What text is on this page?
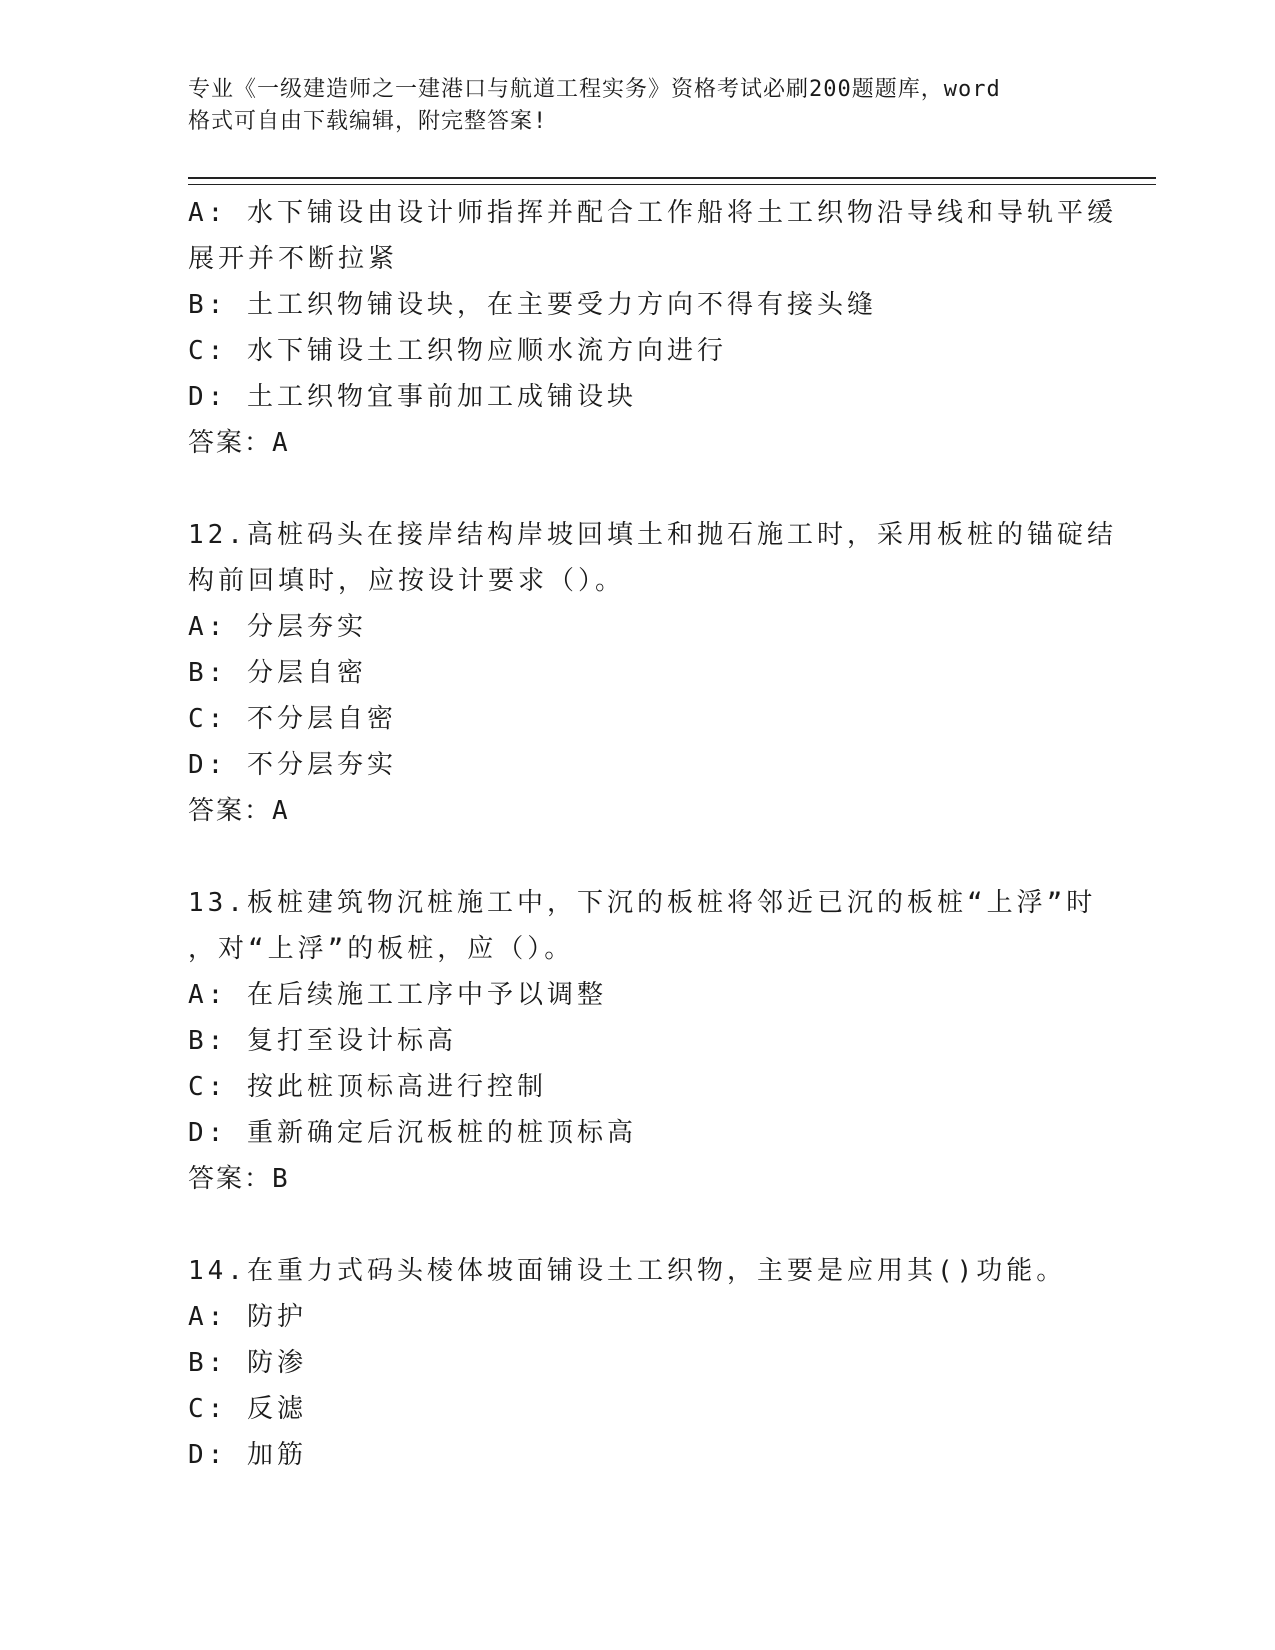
专业《一级建造师之一建港口与航道工程实务》资格考试必刷200题题库，word
格式可自由下载编辑，附完整答案!
A: 水下铺设由设计师指挥并配合工作船将土工织物沿导线和导轨平缓
展开并不断拉紧
B: 土工织物铺设块，在主要受力方向不得有接头缝
C: 水下铺设土工织物应顺水流方向进行
D: 土工织物宜事前加工成铺设块
答案：A
12.高桩码头在接岸结构岸坡回填土和抛石施工时，采用板桩的锚碇结
构前回填时，应按设计要求（）。
A: 分层夯实
B: 分层自密
C: 不分层自密
D: 不分层夯实
答案：A
13.板桩建筑物沉桩施工中，下沉的板桩将邻近已沉的板桩“上浮”时
，对“上浮”的板桩，应（）。
A: 在后续施工工序中予以调整
B: 复打至设计标高
C: 按此桩顶标高进行控制
D: 重新确定后沉板桩的桩顶标高
答案：B
14.在重力式码头棱体坡面铺设土工织物，主要是应用其()功能。
A: 防护
B: 防渗
C: 反滤
D: 加筋
